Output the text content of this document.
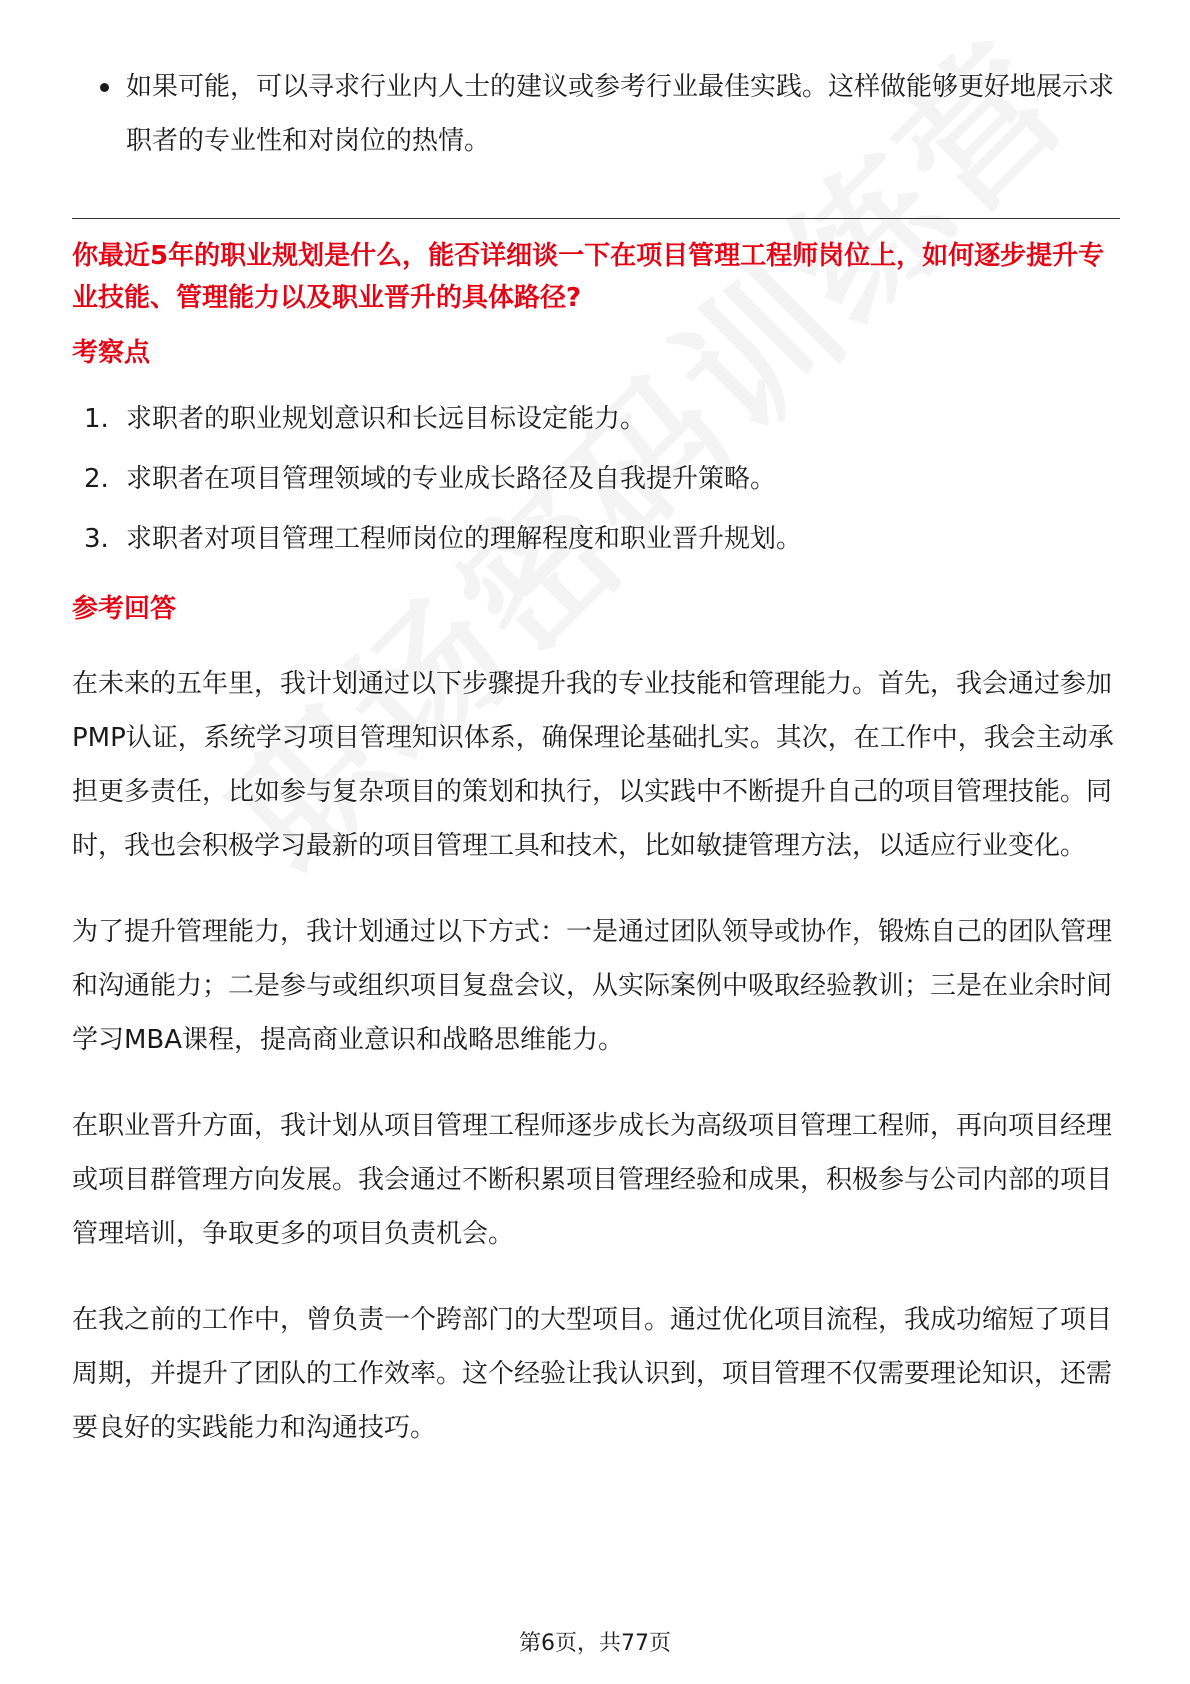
如果可能，可以寻求行业内人士的建议或参考行业最佳实践。这样做能够更好地展示求职者的专业性和对岗位的热情。
你最近5年的职业规划是什么，能否详细谈一下在项目管理工程师岗位上，如何逐步提升专业技能、管理能力以及职业晋升的具体路径?
考察点
1. 求职者的职业规划意识和长远目标设定能力。
2. 求职者在项目管理领域的专业成长路径及自我提升策略。
3. 求职者对项目管理工程师岗位的理解程度和职业晋升规划。
参考回答
在未来的五年里，我计划通过以下步骤提升我的专业技能和管理能力。首先，我会通过参加PMP认证，系统学习项目管理知识体系，确保理论基础扎实。其次，在工作中，我会主动承担更多责任，比如参与复杂项目的策划和执行，以实践中不断提升自己的项目管理技能。同时，我也会积极学习最新的项目管理工具和技术，比如敏捷管理方法，以适应行业变化。
为了提升管理能力，我计划通过以下方式：一是通过团队领导或协作，锻炼自己的团队管理和沟通能力；二是参与或组织项目复盘会议，从实际案例中吸取经验教训；三是在业余时间学习MBA课程，提高商业意识和战略思维能力。
在职业晋升方面，我计划从项目管理工程师逐步成长为高级项目管理工程师，再向项目经理或项目群管理方向发展。我会通过不断积累项目管理经验和成果，积极参与公司内部的项目管理培训，争取更多的项目负责机会。
在我之前的工作中，曾负责一个跨部门的大型项目。通过优化项目流程，我成功缩短了项目周期，并提升了团队的工作效率。这个经验让我认识到，项目管理不仅需要理论知识，还需要良好的实践能力和沟通技巧。
第6页，共77页
